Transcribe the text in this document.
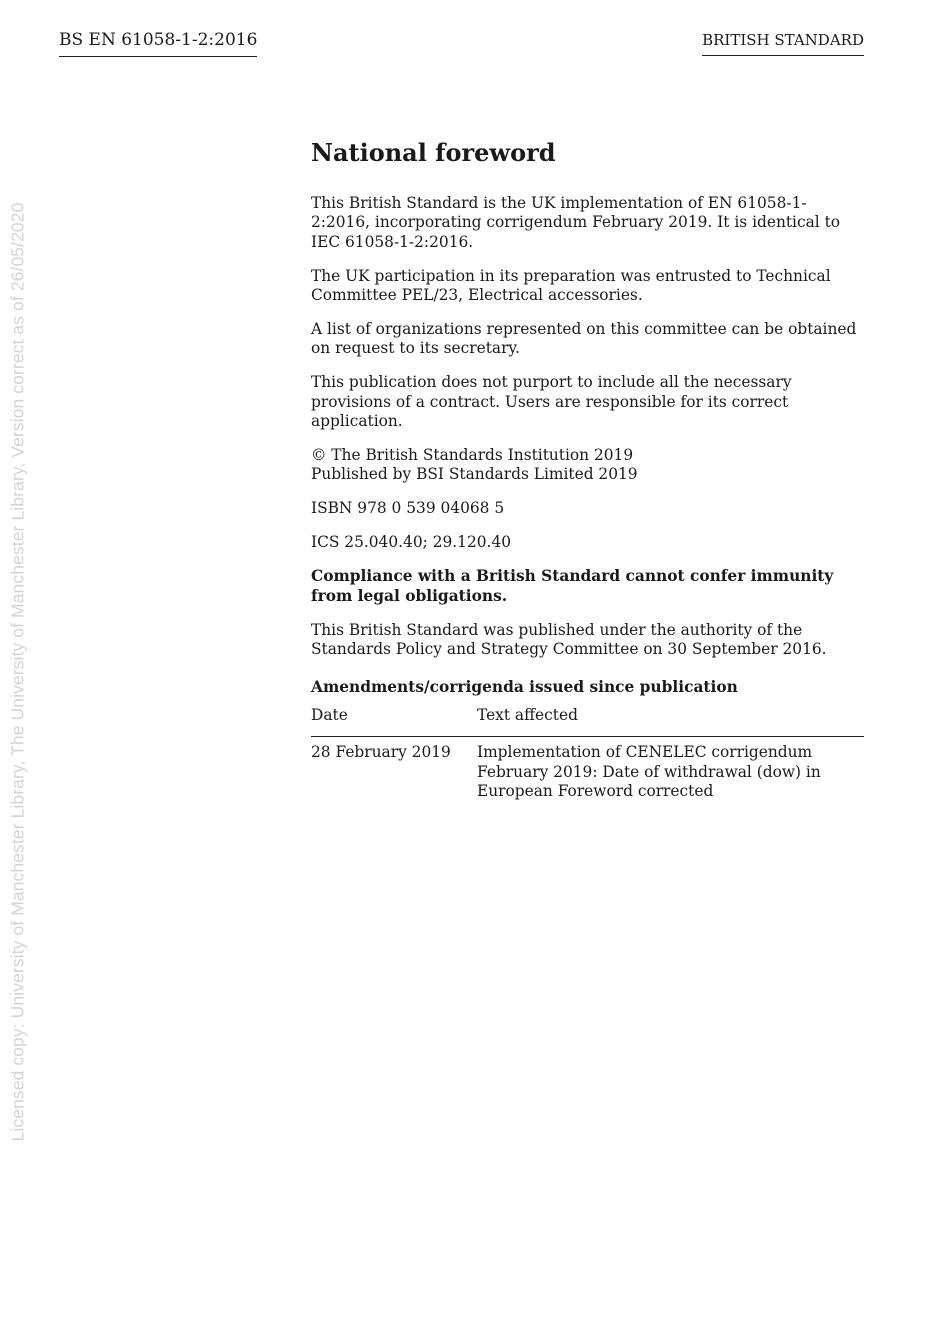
BS EN 61058-1-2:2016	BRITISH STANDARD
Licensed copy: University of Manchester Library, The University of Manchester Library, Version correct as of 26/05/2020
National foreword

This British Standard is the UK implementation of EN 61058-1-2:2016, incorporating corrigendum February 2019. It is identical to IEC 61058-1-2:2016.

The UK participation in its preparation was entrusted to Technical Committee PEL/23, Electrical accessories.

A list of organizations represented on this committee can be obtained on request to its secretary.

This publication does not purport to include all the necessary provisions of a contract. Users are responsible for its correct application.

© The British Standards Institution 2019
Published by BSI Standards Limited 2019

ISBN 978 0 539 04068 5

ICS 25.040.40; 29.120.40

Compliance with a British Standard cannot confer immunity from legal obligations.

This British Standard was published under the authority of the Standards Policy and Strategy Committee on 30 September 2016.

Amendments/corrigenda issued since publication
Date	Text affected
28 February 2019	Implementation of CENELEC corrigendum February 2019: Date of withdrawal (dow) in European Foreword corrected
